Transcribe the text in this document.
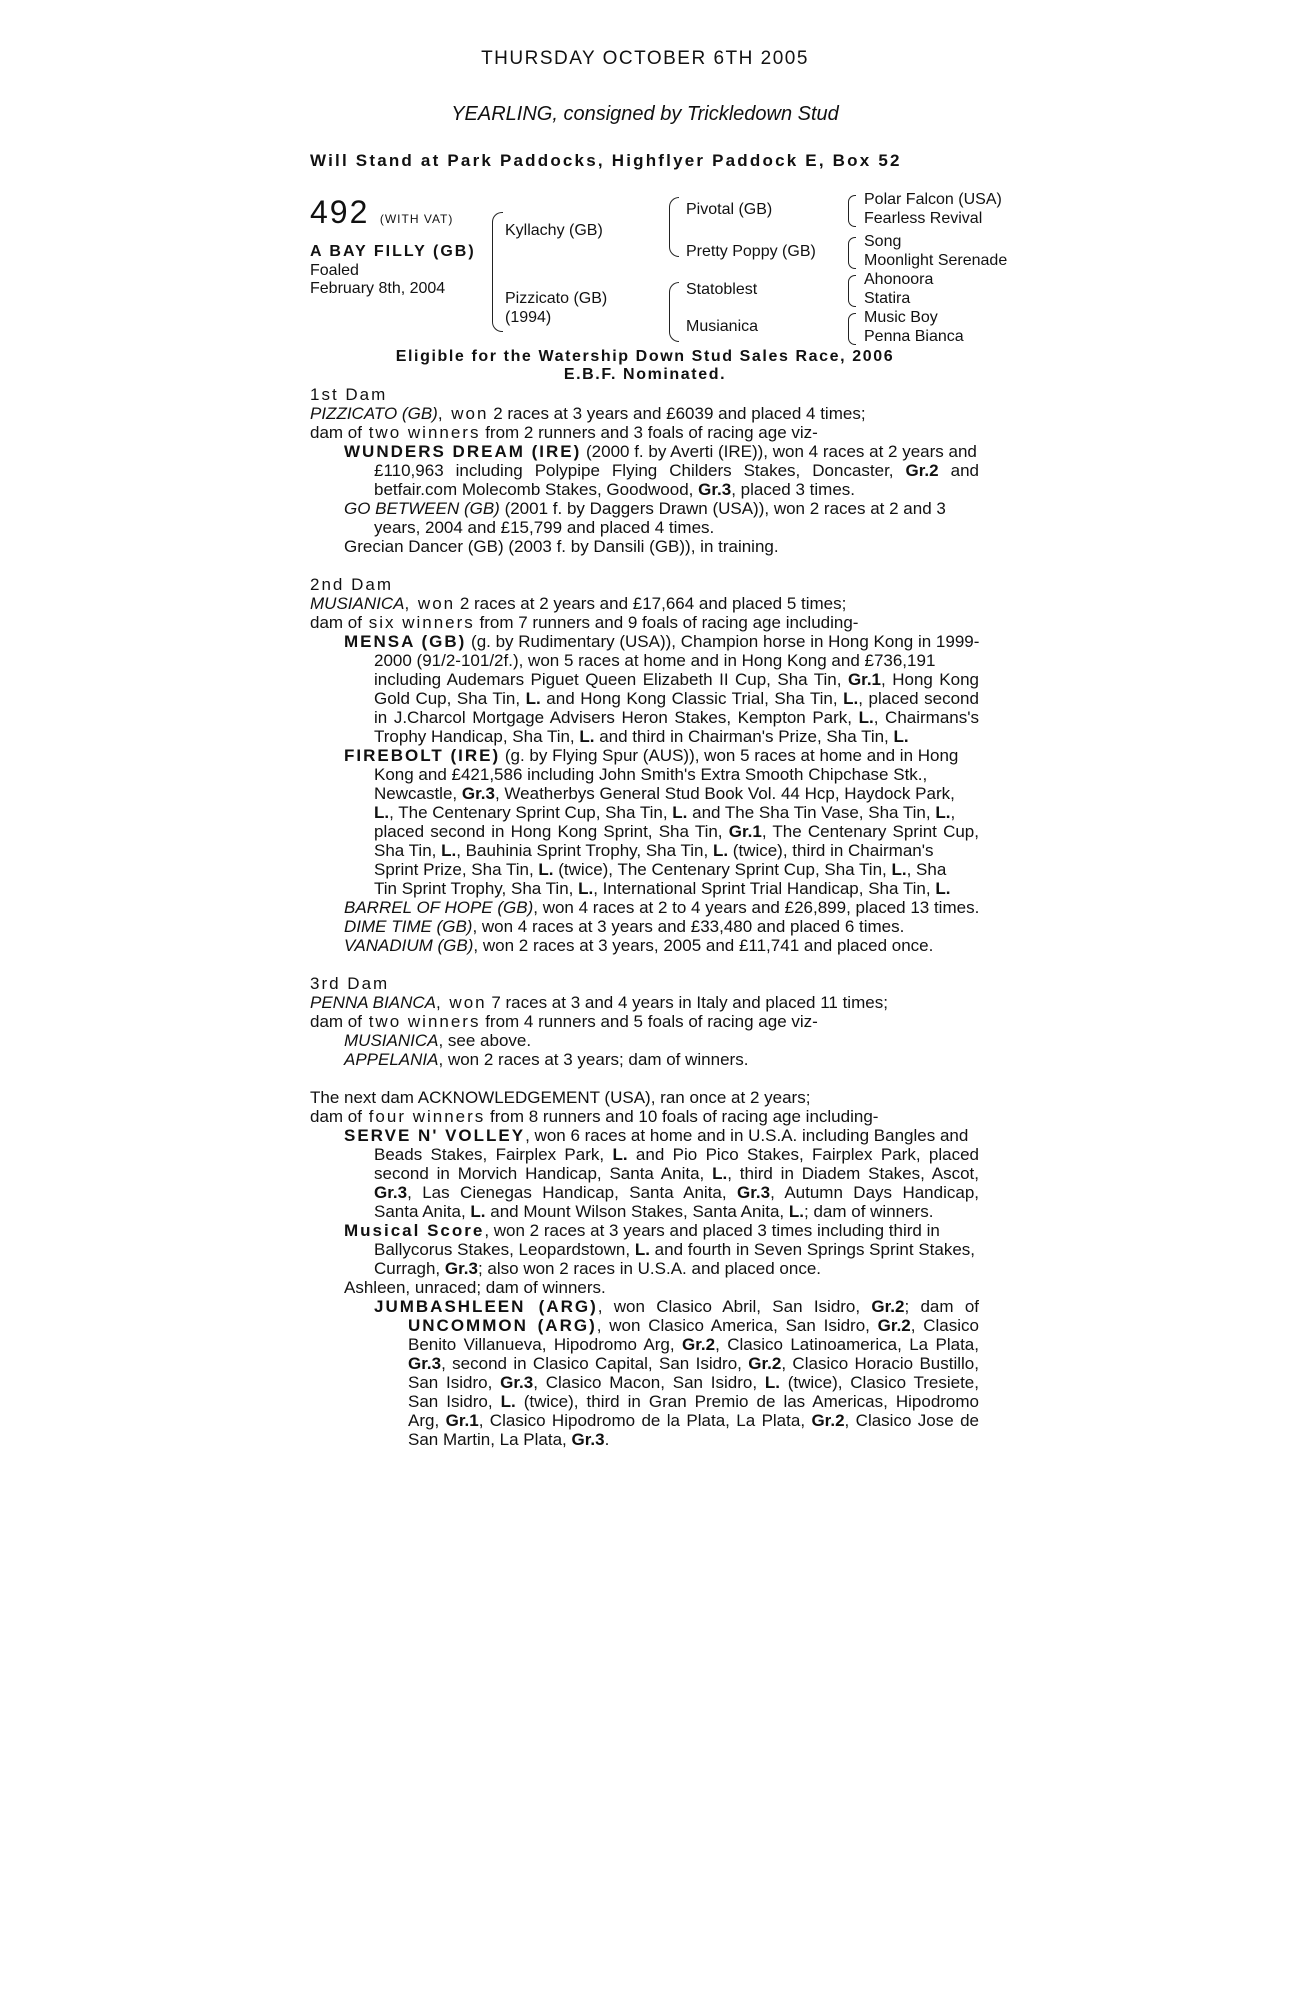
THURSDAY OCTOBER 6TH 2005
YEARLING, consigned by Trickledown Stud
Will Stand at Park Paddocks, Highflyer Paddock E, Box 52
492 (WITH VAT)
A BAY FILLY (GB)
Foaled
February 8th, 2004
Kyllachy (GB)
Pizzicato (GB)
(1994)
Pivotal (GB)
Pretty Poppy (GB)
Statoblest
Musianica
Polar Falcon (USA)
Fearless Revival
Song
Moonlight Serenade
Ahonoora
Statira
Music Boy
Penna Bianca
Eligible for the Watership Down Stud Sales Race, 2006
E.B.F. Nominated.
1st Dam
PIZZICATO (GB), won 2 races at 3 years and £6039 and placed 4 times;
dam of two winners from 2 runners and 3 foals of racing age viz-
WUNDERS DREAM (IRE) (2000 f. by Averti (IRE)), won 4 races at 2 years and
£110,963 including Polypipe Flying Childers Stakes, Doncaster, Gr.2 and
betfair.com Molecomb Stakes, Goodwood, Gr.3, placed 3 times.
GO BETWEEN (GB) (2001 f. by Daggers Drawn (USA)), won 2 races at 2 and 3
years, 2004 and £15,799 and placed 4 times.
Grecian Dancer (GB) (2003 f. by Dansili (GB)), in training.
2nd Dam
MUSIANICA, won 2 races at 2 years and £17,664 and placed 5 times;
dam of six winners from 7 runners and 9 foals of racing age including-
MENSA (GB) (g. by Rudimentary (USA)), Champion horse in Hong Kong in 1999-
2000 (91/2-101/2f.), won 5 races at home and in Hong Kong and £736,191
including Audemars Piguet Queen Elizabeth II Cup, Sha Tin, Gr.1, Hong Kong
Gold Cup, Sha Tin, L. and Hong Kong Classic Trial, Sha Tin, L., placed second
in J.Charcol Mortgage Advisers Heron Stakes, Kempton Park, L., Chairmans's
Trophy Handicap, Sha Tin, L. and third in Chairman's Prize, Sha Tin, L.
FIREBOLT (IRE) (g. by Flying Spur (AUS)), won 5 races at home and in Hong
Kong and £421,586 including John Smith's Extra Smooth Chipchase Stk.,
Newcastle, Gr.3, Weatherbys General Stud Book Vol. 44 Hcp, Haydock Park,
L., The Centenary Sprint Cup, Sha Tin, L. and The Sha Tin Vase, Sha Tin, L.,
placed second in Hong Kong Sprint, Sha Tin, Gr.1, The Centenary Sprint Cup,
Sha Tin, L., Bauhinia Sprint Trophy, Sha Tin, L. (twice), third in Chairman's
Sprint Prize, Sha Tin, L. (twice), The Centenary Sprint Cup, Sha Tin, L., Sha
Tin Sprint Trophy, Sha Tin, L., International Sprint Trial Handicap, Sha Tin, L.
BARREL OF HOPE (GB), won 4 races at 2 to 4 years and £26,899, placed 13 times.
DIME TIME (GB), won 4 races at 3 years and £33,480 and placed 6 times.
VANADIUM (GB), won 2 races at 3 years, 2005 and £11,741 and placed once.
3rd Dam
PENNA BIANCA, won 7 races at 3 and 4 years in Italy and placed 11 times;
dam of two winners from 4 runners and 5 foals of racing age viz-
MUSIANICA, see above.
APPELANIA, won 2 races at 3 years; dam of winners.
The next dam ACKNOWLEDGEMENT (USA), ran once at 2 years;
dam of four winners from 8 runners and 10 foals of racing age including-
SERVE N' VOLLEY, won 6 races at home and in U.S.A. including Bangles and
Beads Stakes, Fairplex Park, L. and Pio Pico Stakes, Fairplex Park, placed
second in Morvich Handicap, Santa Anita, L., third in Diadem Stakes, Ascot,
Gr.3, Las Cienegas Handicap, Santa Anita, Gr.3, Autumn Days Handicap,
Santa Anita, L. and Mount Wilson Stakes, Santa Anita, L.; dam of winners.
Musical Score, won 2 races at 3 years and placed 3 times including third in
Ballycorus Stakes, Leopardstown, L. and fourth in Seven Springs Sprint Stakes,
Curragh, Gr.3; also won 2 races in U.S.A. and placed once.
Ashleen, unraced; dam of winners.
JUMBASHLEEN (ARG), won Clasico Abril, San Isidro, Gr.2; dam of
UNCOMMON (ARG), won Clasico America, San Isidro, Gr.2, Clasico
Benito Villanueva, Hipodromo Arg, Gr.2, Clasico Latinoamerica, La Plata,
Gr.3, second in Clasico Capital, San Isidro, Gr.2, Clasico Horacio Bustillo,
San Isidro, Gr.3, Clasico Macon, San Isidro, L. (twice), Clasico Tresiete,
San Isidro, L. (twice), third in Gran Premio de las Americas, Hipodromo
Arg, Gr.1, Clasico Hipodromo de la Plata, La Plata, Gr.2, Clasico Jose de
San Martin, La Plata, Gr.3.
